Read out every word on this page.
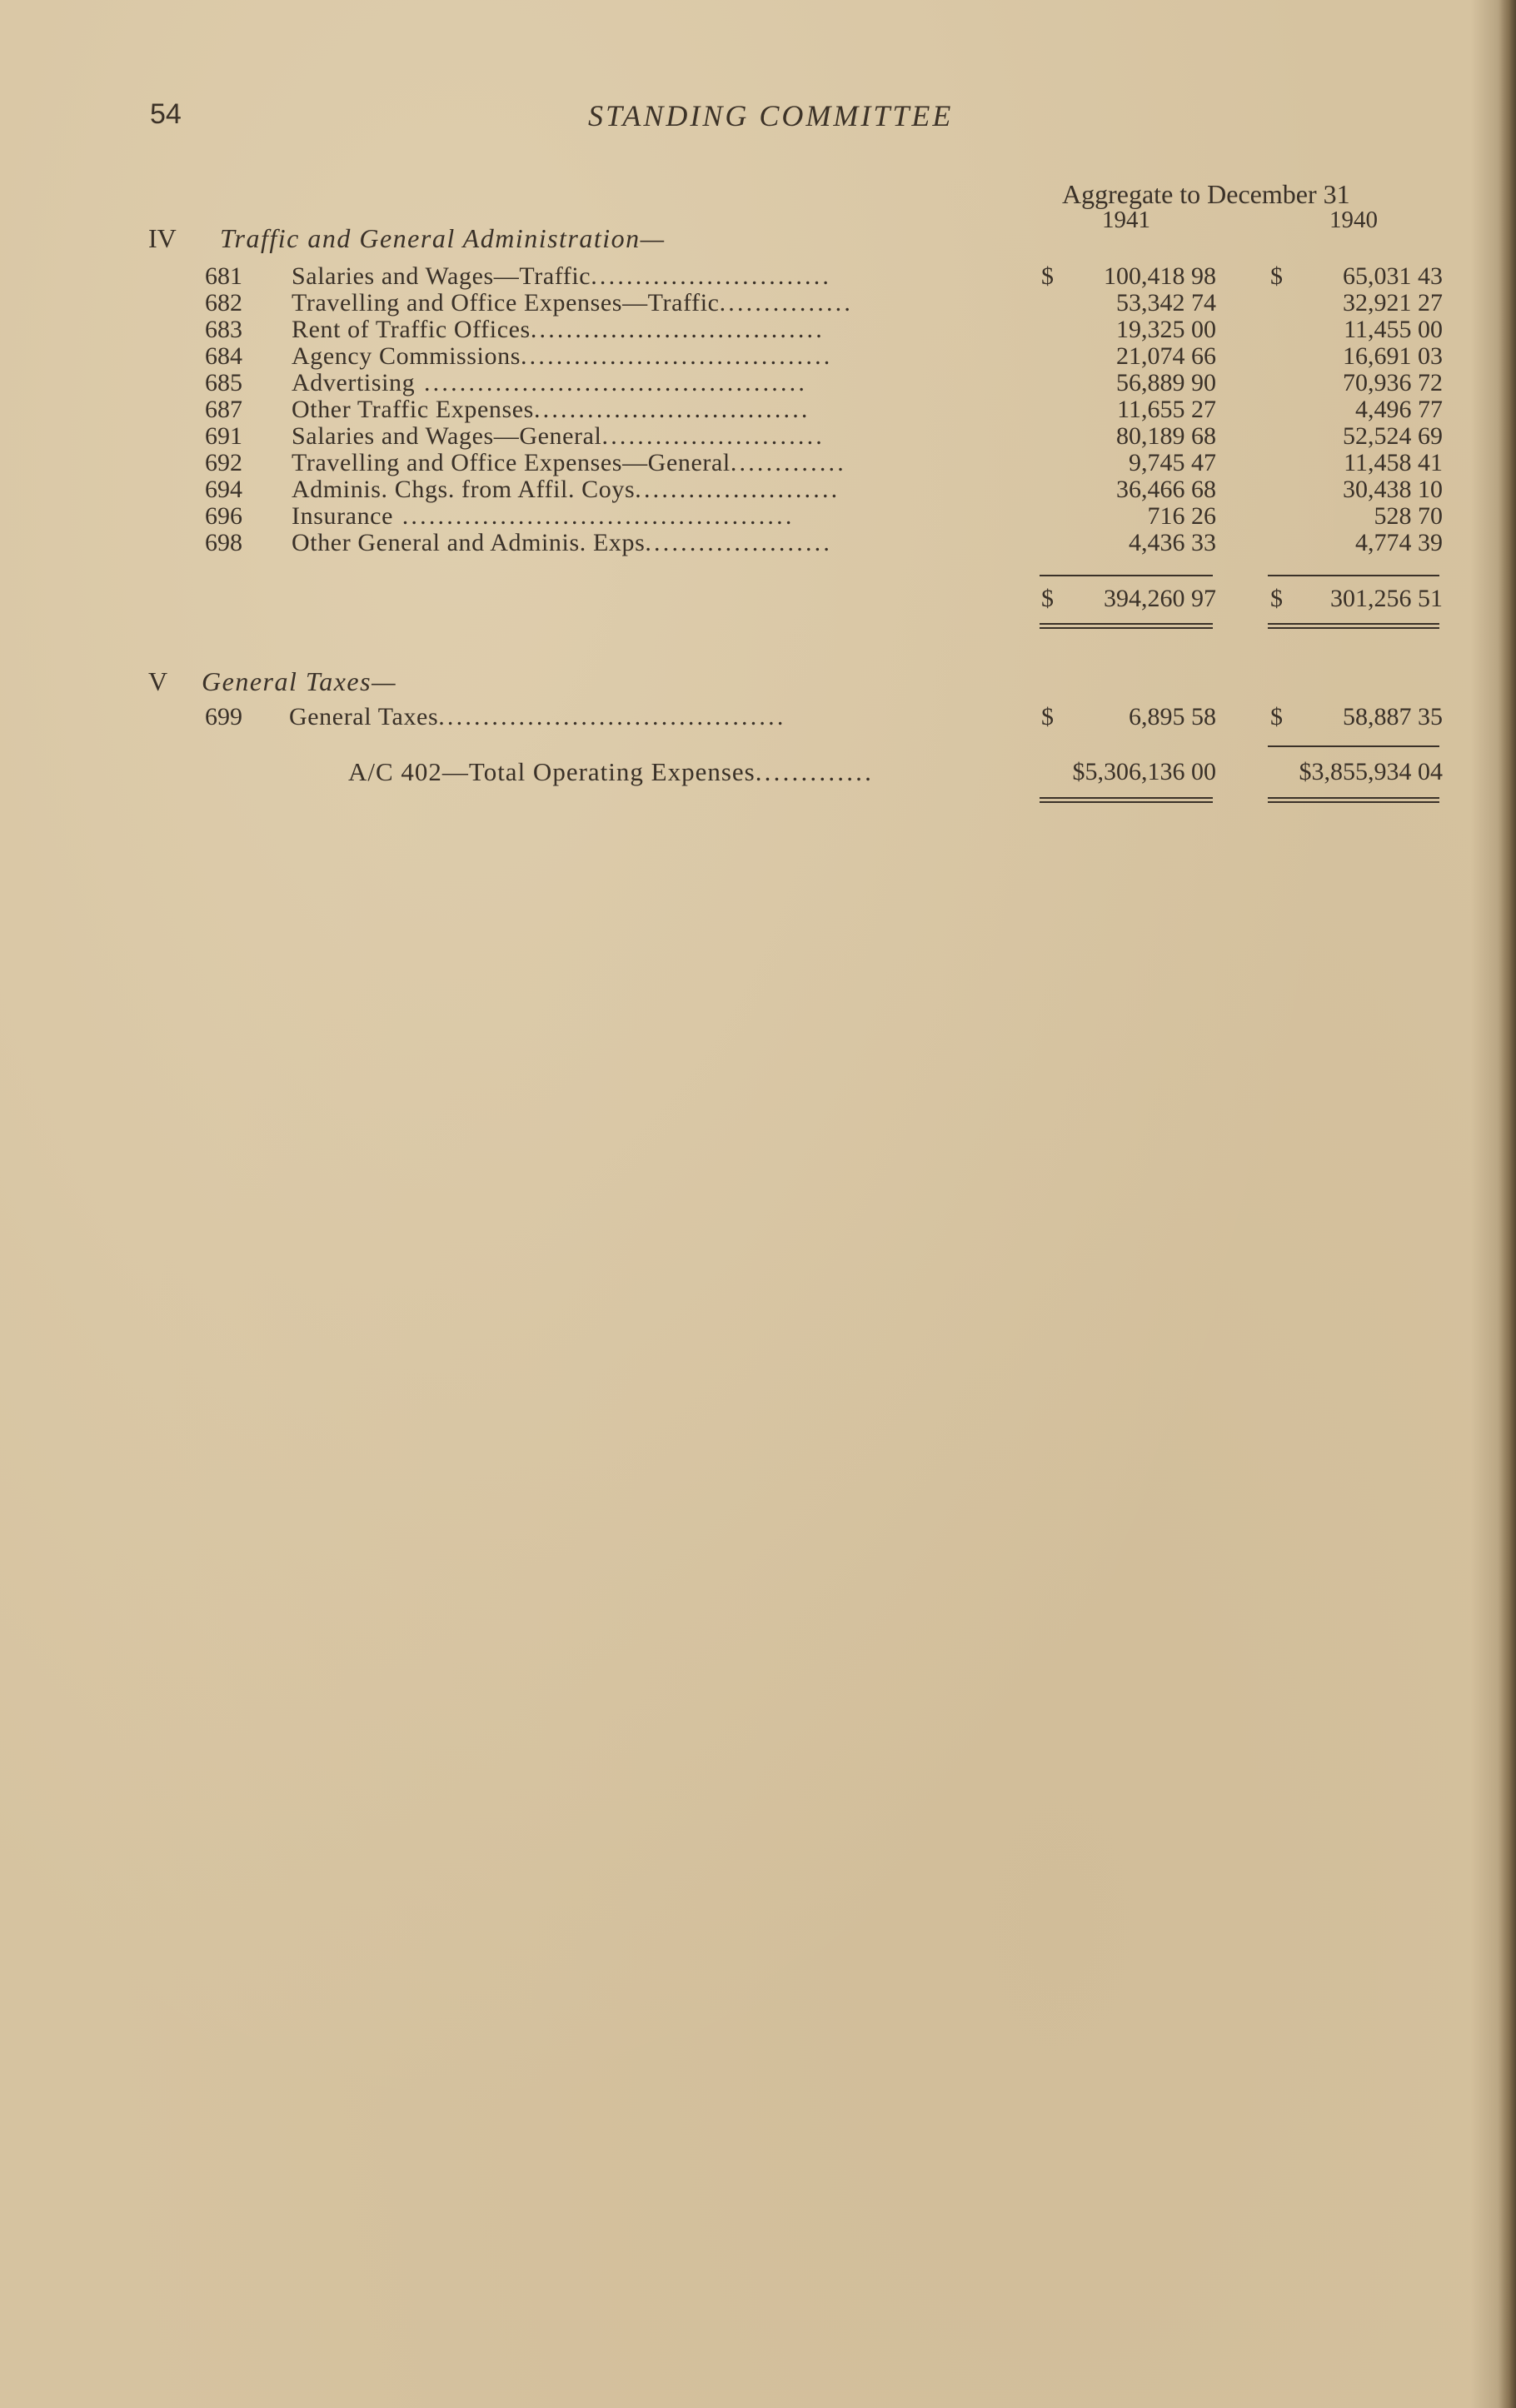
54	STANDING COMMITTEE
Aggregate to December 31
1941	1940
IV Traffic and General Administration—
681	Salaries and Wages—Traffic...........................	$	100,418 98 $	65,031 43
682	Travelling and Office Expenses—Traffic...............	53,342 74	32,921 27
683	Rent of Traffic Offices.................................	19,325 00	11,455 00
684	Agency Commissions...................................	21,074 66	16,691 03
685	Advertising ...........................................	56,889 90	70,936 72
687	Other Traffic Expenses...............................	11,655 27	4,496 77
691	Salaries and Wages—General.........................	80,189 68	52,524 69
692	Travelling and Office Expenses—General.............	9,745 47	11,458 41
694	Adminis. Chgs. from Affil. Coys.......................	36,466 68	30,438 10
696	Insurance ............................................	716 26	528 70
698	Other General and Adminis. Exps.....................	4,436 33	4,774 39
$	394,260 97 $	301,256 51
V General Taxes—
699	General Taxes.......................................	$	6,895 58 $	58,887 35
A/C 402—Total Operating Expenses.............	$5,306,136 00	$3,855,934 04
